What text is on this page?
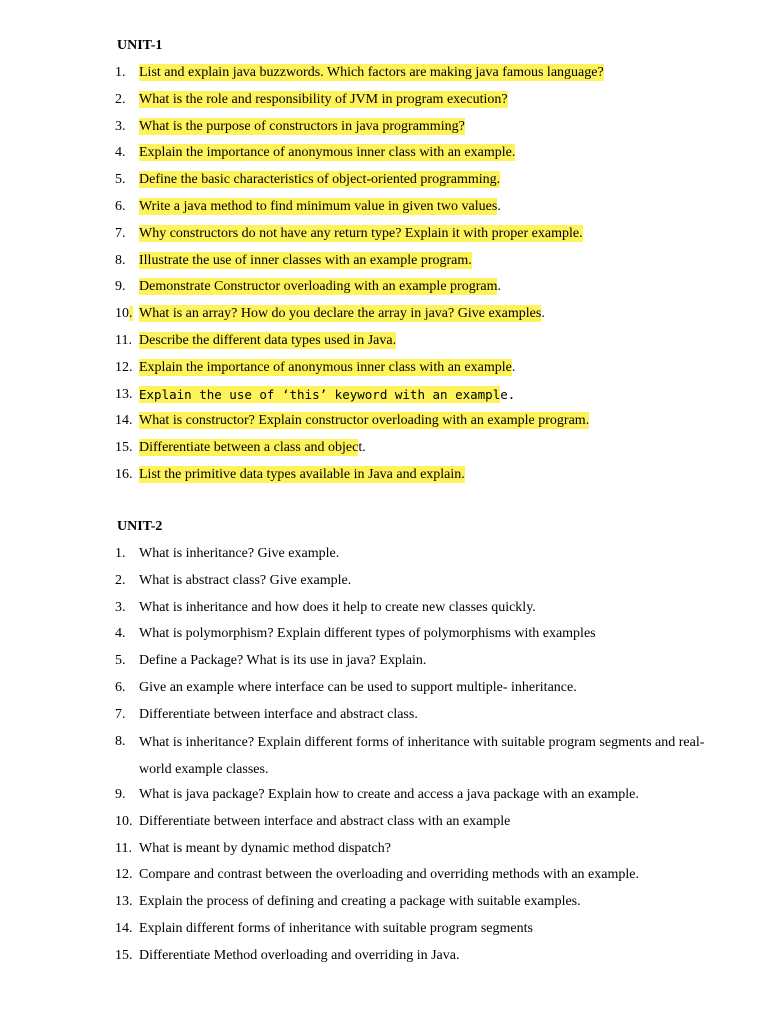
UNIT-1
1. List and explain java buzzwords. Which factors are making java famous language?
2. What is the role and responsibility of JVM in program execution?
3. What is the purpose of constructors in java programming?
4. Explain the importance of anonymous inner class with an example.
5. Define the basic characteristics of object-oriented programming.
6. Write a java method to find minimum value in given two values.
7. Why constructors do not have any return type? Explain it with proper example.
8. Illustrate the use of inner classes with an example program.
9. Demonstrate Constructor overloading with an example program.
10. What is an array? How do you declare the array in java? Give examples.
11. Describe the different data types used in Java.
12. Explain the importance of anonymous inner class with an example.
13. Explain the use of ‘this’ keyword with an example.
14. What is constructor? Explain constructor overloading with an example program.
15. Differentiate between a class and object.
16. List the primitive data types available in Java and explain.
UNIT-2
1. What is inheritance? Give example.
2. What is abstract class? Give example.
3. What is inheritance and how does it help to create new classes quickly.
4. What is polymorphism? Explain different types of polymorphisms with examples
5. Define a Package? What is its use in java? Explain.
6. Give an example where interface can be used to support multiple- inheritance.
7. Differentiate between interface and abstract class.
8. What is inheritance? Explain different forms of inheritance with suitable program segments and real-world example classes.
9. What is java package? Explain how to create and access a java package with an example.
10. Differentiate between interface and abstract class with an example
11. What is meant by dynamic method dispatch?
12. Compare and contrast between the overloading and overriding methods with an example.
13. Explain the process of defining and creating a package with suitable examples.
14. Explain different forms of inheritance with suitable program segments
15. Differentiate Method overloading and overriding in Java.
